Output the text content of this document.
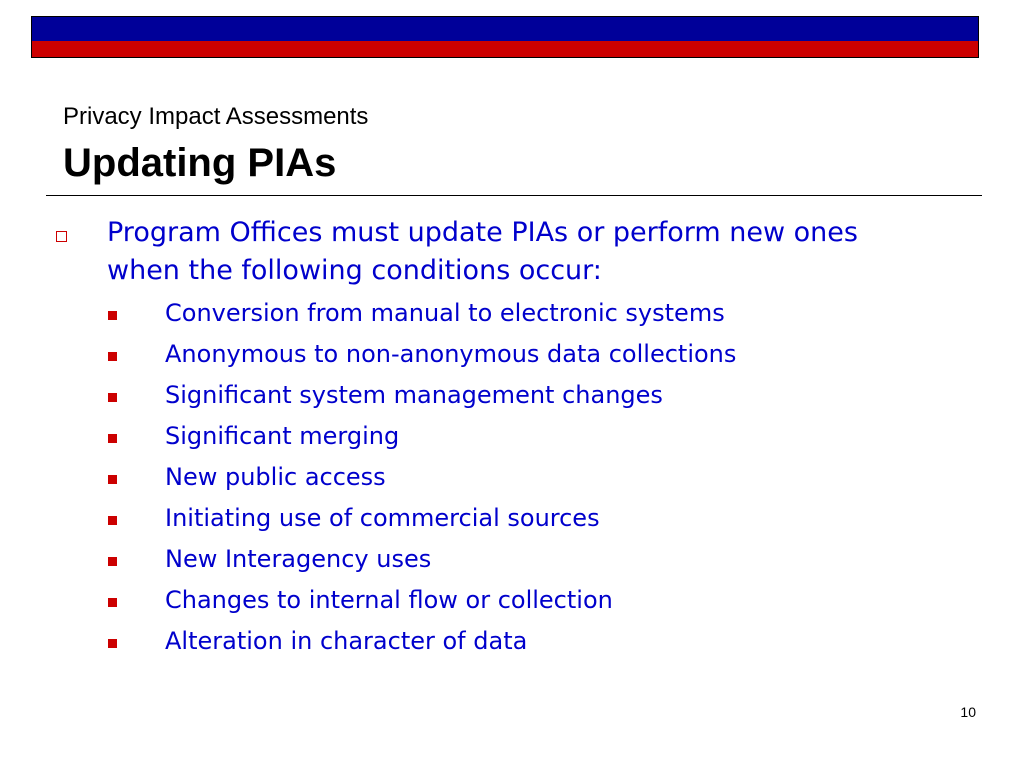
Privacy Impact Assessments
Updating PIAs
Program Offices must update PIAs or perform new ones when the following conditions occur:
Conversion from manual to electronic systems
Anonymous to non-anonymous data collections
Significant system management changes
Significant merging
New public access
Initiating use of commercial sources
New Interagency uses
Changes to internal flow or collection
Alteration in character of data
10
